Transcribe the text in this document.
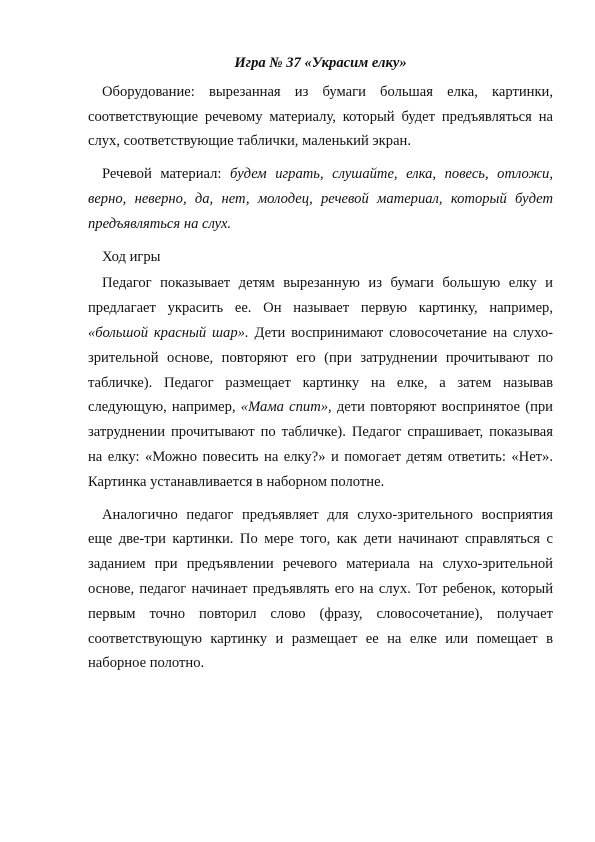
Игра № 37 «Украсим елку»

Оборудование: вырезанная из бумаги большая елка, картинки, соответствующие речевому материалу, который будет предъявляться на слух, соответствующие таблички, маленький экран.

Речевой материал: будем играть, слушайте, елка, повесь, отложи, верно, неверно, да, нет, молодец, речевой материал, который будет предъявляться на слух.

Ход игры

Педагог показывает детям вырезанную из бумаги большую елку и предлагает украсить ее. Он называет первую картинку, например, «большой красный шар». Дети воспринимают словосочетание на слухо-зрительной основе, повторяют его (при затруднении прочитывают по табличке). Педагог размещает картинку на елке, а затем называв следующую, например, «Мама спит», дети повторяют воспринятое (при затруднении прочитывают по табличке). Педагог спрашивает, показывая на елку: «Можно повесить на елку?» и помогает детям ответить: «Нет». Картинка устанавливается в наборном полотне.

Аналогично педагог предъявляет для слухо-зрительного восприятия еще две-три картинки. По мере того, как дети начинают справляться с заданием при предъявлении речевого материала на слухо-зрительной основе, педагог начинает предъявлять его на слух. Тот ребенок, который первым точно повторил слово (фразу, словосочетание), получает соответствующую картинку и размещает ее на елке или помещает в наборное полотно.
